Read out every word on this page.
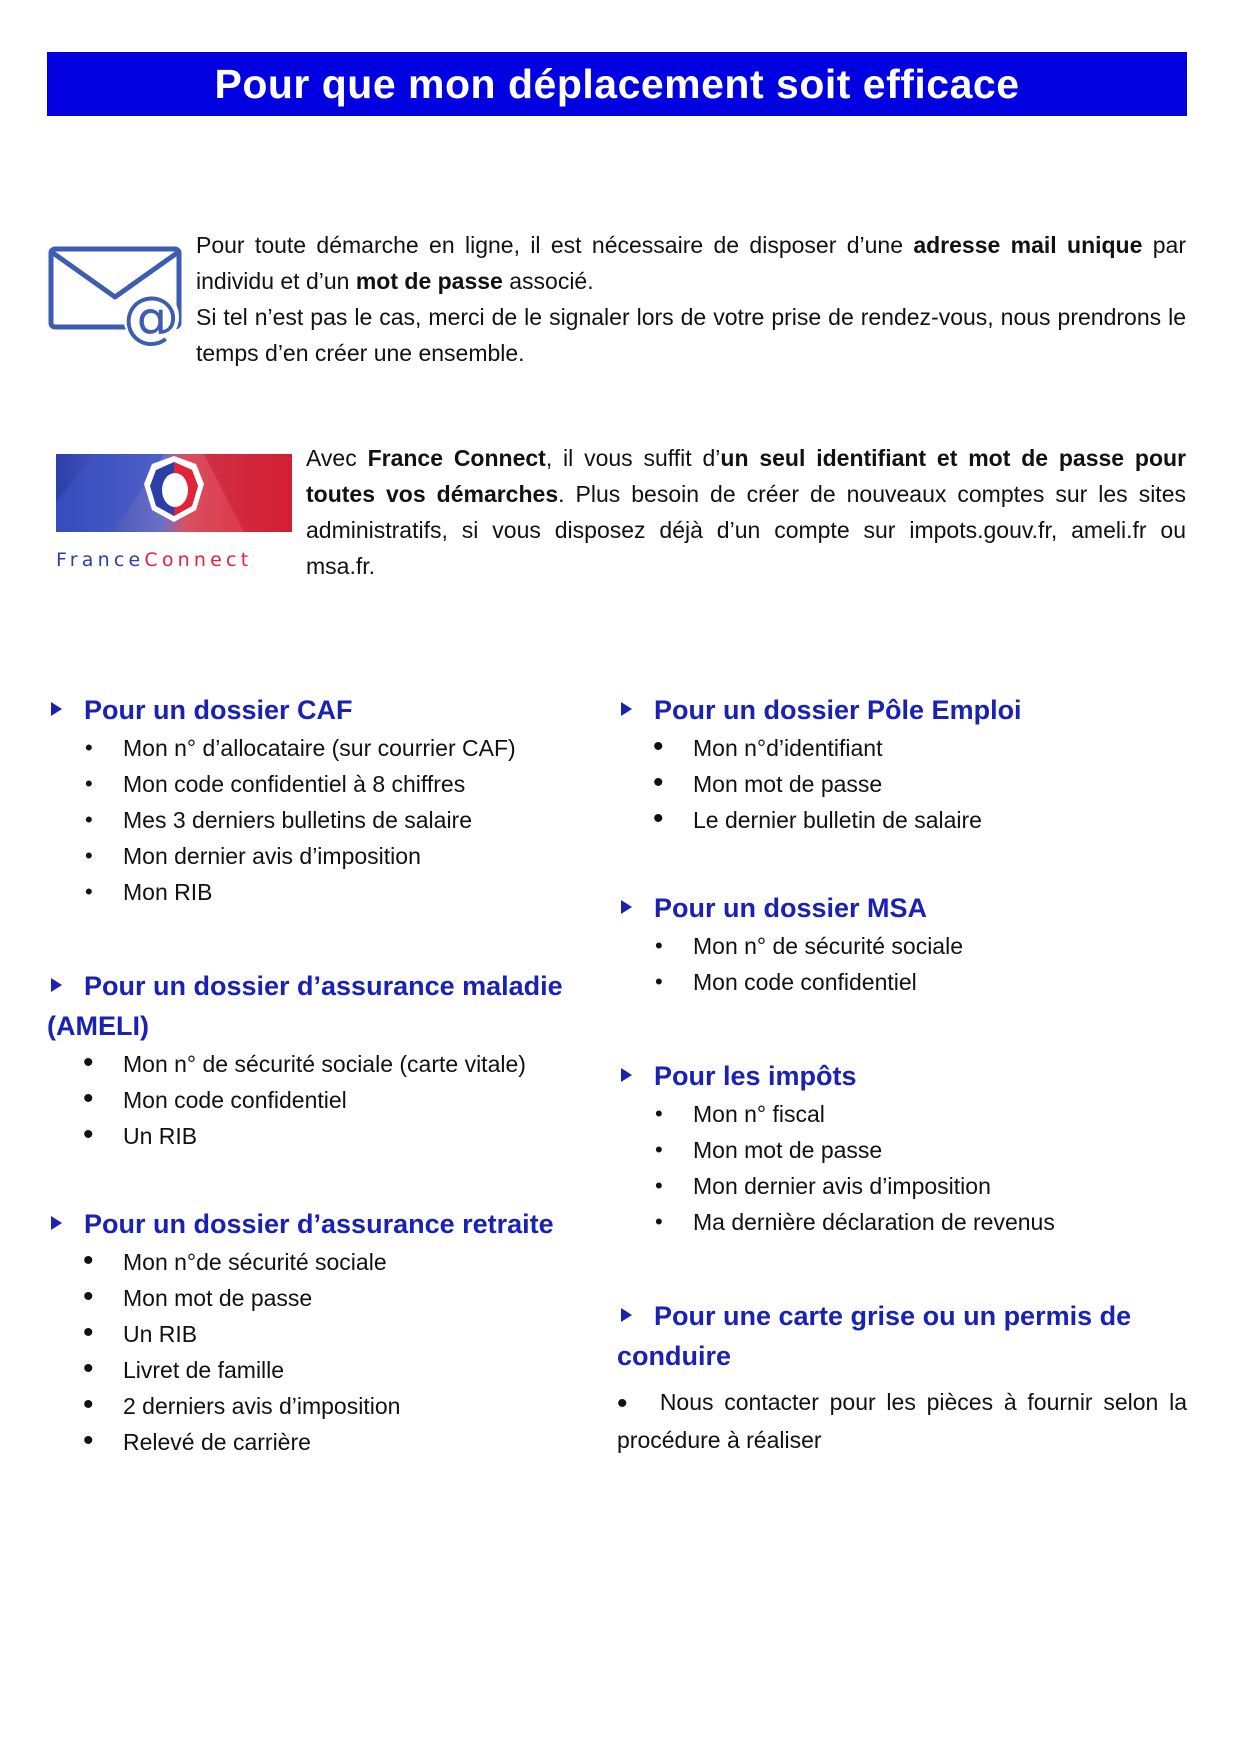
Pour que mon déplacement soit efficace
@

Pour toute démarche en ligne, il est nécessaire de disposer d’une adresse mail unique par individu et d’un mot de passe associé.

Si tel n’est pas le cas, merci de le signaler lors de votre prise de rendez-vous, nous prendrons le temps d’en créer une ensemble.

FranceConnect

Avec France Connect, il vous suffit d’un seul identifiant et mot de passe pour toutes vos démarches. Plus besoin de créer de nouveaux comptes sur les sites administratifs, si vous disposez déjà d’un compte sur impots.gouv.fr, ameli.fr ou msa.fr.

Pour un dossier CAF
• Mon n° d’allocataire (sur courrier CAF)
• Mon code confidentiel à 8 chiffres
• Mes 3 derniers bulletins de salaire
• Mon dernier avis d’imposition
• Mon RIB
Pour un dossier d’assurance maladie (AMELI)
• Mon n° de sécurité sociale (carte vitale)
• Mon code confidentiel
• Un RIB
Pour un dossier d’assurance retraite
• Mon n°de sécurité sociale
• Mon mot de passe
• Un RIB
• Livret de famille
• 2 derniers avis d’imposition
• Relevé de carrière
Pour un dossier Pôle Emploi
• Mon n°d’identifiant
• Mon mot de passe
• Le dernier bulletin de salaire
Pour un dossier MSA
• Mon n° de sécurité sociale
• Mon code confidentiel
Pour les impôts
• Mon n° fiscal
• Mon mot de passe
• Mon dernier avis d’imposition
• Ma dernière déclaration de revenus
Pour une carte grise ou un permis de conduire

• Nous contacter pour les pièces à fournir selon la procédure à réaliser
